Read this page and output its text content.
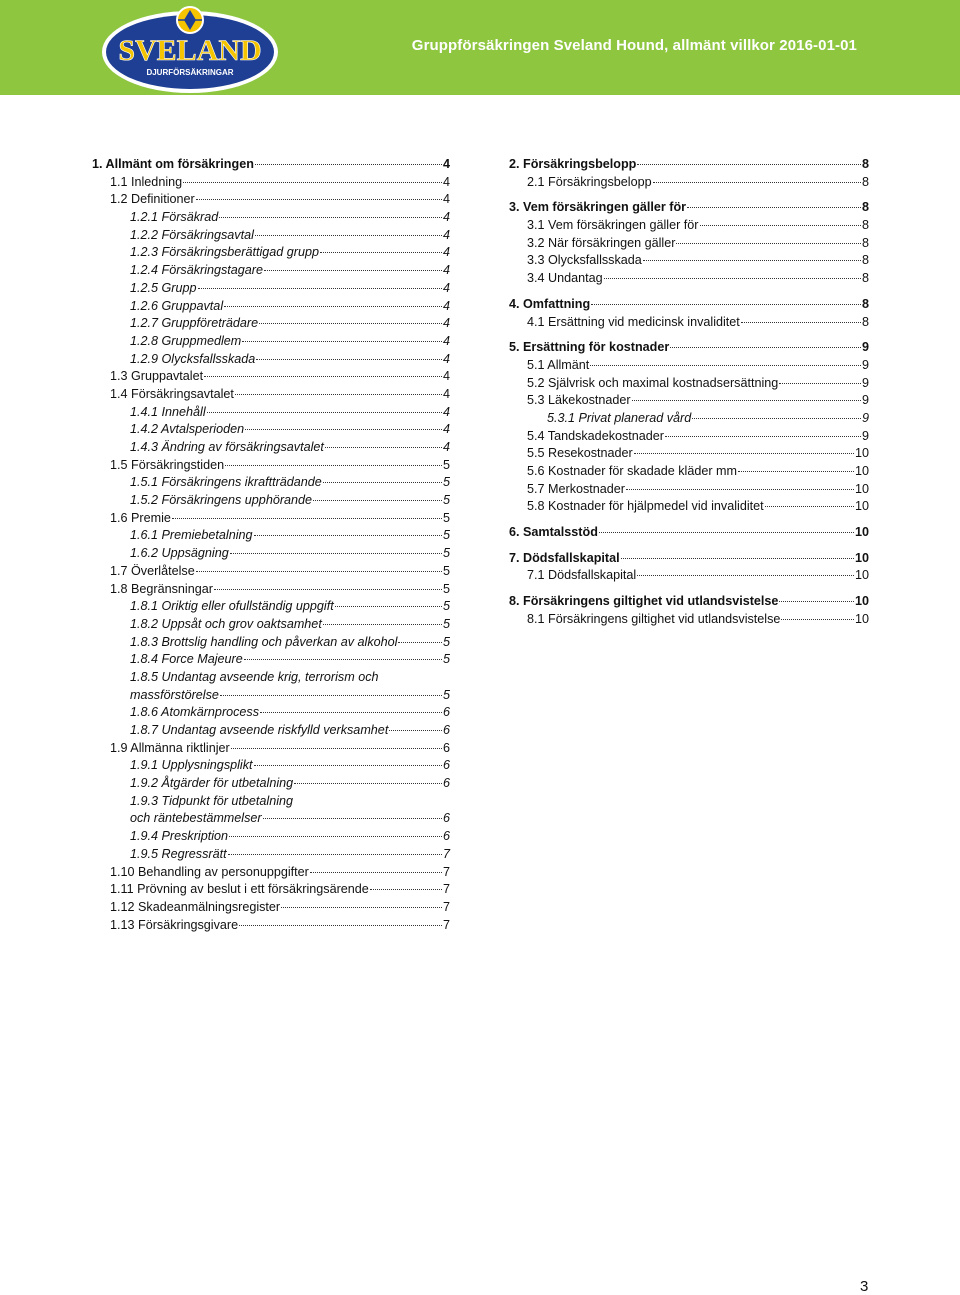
SVELAND
DJURFÖRSÄKRINGAR
Gruppförsäkringen Sveland Hound, allmänt villkor 2016-01-01
1. Allmänt om försäkringen	4
1.1 Inledning	4
1.2 Definitioner	4
1.2.1 Försäkrad	4
1.2.2 Försäkringsavtal	4
1.2.3 Försäkringsberättigad grupp	4
1.2.4 Försäkringstagare	4
1.2.5 Grupp	4
1.2.6 Gruppavtal	4
1.2.7 Gruppföreträdare	4
1.2.8 Gruppmedlem	4
1.2.9 Olycksfallsskada	4
1.3 Gruppavtalet	4
1.4 Försäkringsavtalet	4
1.4.1 Innehåll	4
1.4.2 Avtalsperioden	4
1.4.3 Ändring av försäkringsavtalet	4
1.5 Försäkringstiden	5
1.5.1 Försäkringens ikraftträdande	5
1.5.2 Försäkringens upphörande	5
1.6 Premie	5
1.6.1 Premiebetalning	5
1.6.2 Uppsägning	5
1.7 Överlåtelse	5
1.8 Begränsningar	5
1.8.1 Oriktig eller ofullständig uppgift	5
1.8.2 Uppsåt och grov oaktsamhet	5
1.8.3 Brottslig handling och påverkan av alkohol	5
1.8.4 Force Majeure	5
1.8.5 Undantag avseende krig, terrorism och
massförstörelse	5
1.8.6 Atomkärnprocess	6
1.8.7 Undantag avseende riskfylld verksamhet	6
1.9 Allmänna riktlinjer	6
1.9.1 Upplysningsplikt	6
1.9.2 Åtgärder för utbetalning	6
1.9.3 Tidpunkt för utbetalning
och räntebestämmelser	6
1.9.4 Preskription	6
1.9.5 Regressrätt	7
1.10 Behandling av personuppgifter	7
1.11 Prövning av beslut i ett försäkringsärende	7
1.12 Skadeanmälningsregister	7
1.13 Försäkringsgivare	7
2. Försäkringsbelopp	8
2.1 Försäkringsbelopp	8
3. Vem försäkringen gäller för	8
3.1 Vem försäkringen gäller för	8
3.2 När försäkringen gäller	8
3.3 Olycksfallsskada	8
3.4 Undantag	8
4. Omfattning	8
4.1 Ersättning vid medicinsk invaliditet	8
5. Ersättning för kostnader	9
5.1 Allmänt	9
5.2 Självrisk och maximal kostnadsersättning	9
5.3 Läkekostnader	9
5.3.1 Privat planerad vård	9
5.4 Tandskadekostnader	9
5.5 Resekostnader	10
5.6 Kostnader för skadade kläder mm	10
5.7 Merkostnader	10
5.8 Kostnader för hjälpmedel vid invaliditet	10
6. Samtalsstöd	10
7. Dödsfallskapital	10
7.1 Dödsfallskapital	10
8. Försäkringens giltighet vid utlandsvistelse	10
8.1 Försäkringens giltighet vid utlandsvistelse	10
3
